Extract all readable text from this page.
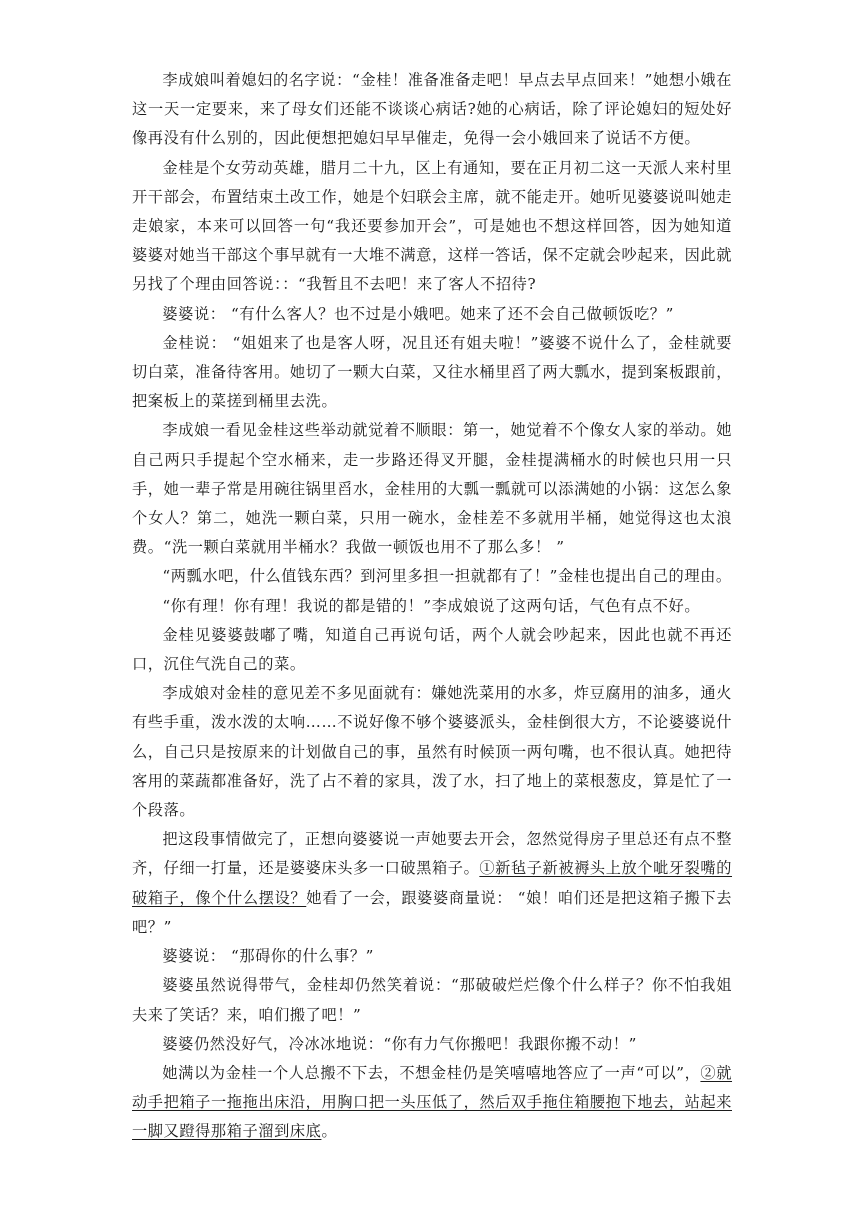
李成娘叫着媳妇的名字说：“金桂！准备准备走吧！早点去早点回来！”她想小娥在这一天一定要来，来了母女们还能不谈谈心病话?她的心病话，除了评论媳妇的短处好像再没有什么别的，因此便想把媳妇早早催走，免得一会小娥回来了说话不方便。

金桂是个女劳动英雄，腊月二十九，区上有通知，要在正月初二这一天派人来村里开干部会，布置结束土改工作，她是个妇联会主席，就不能走开。她听见婆婆说叫她走走娘家，本来可以回答一句“我还要参加开会”，可是她也不想这样回答，因为她知道婆婆对她当干部这个事早就有一大堆不满意，这样一答话，保不定就会吵起来，因此就另找了个理由回答说：：“我暂且不去吧！来了客人不招待?

婆婆说： “有什么客人？也不过是小娥吧。她来了还不会自己做顿饭吃？”

金桂说： “姐姐来了也是客人呀，况且还有姐夫啦！”婆婆不说什么了，金桂就要切白菜，准备待客用。她切了一颗大白菜，又往水桶里舀了两大瓢水，提到案板跟前，把案板上的菜搓到桶里去洗。

李成娘一看见金桂这些举动就觉着不顺眼：第一，她觉着不个像女人家的举动。她自己两只手提起个空水桶来，走一步路还得叉开腿，金桂提满桶水的时候也只用一只手，她一辈子常是用碗往锅里舀水，金桂用的大瓢一瓢就可以添满她的小锅：这怎么象个女人？第二，她洗一颗白菜，只用一碗水，金桂差不多就用半桶，她觉得这也太浪费。“洗一颗白菜就用半桶水？我做一顿饭也用不了那么多！ ”

“两瓢水吧，什么值钱东西？到河里多担一担就都有了！”金桂也提出自己的理由。

“你有理！你有理！我说的都是错的！”李成娘说了这两句话，气色有点不好。

金桂见婆婆鼓嘟了嘴，知道自己再说句话，两个人就会吵起来，因此也就不再还口，沉住气洗自己的菜。

李成娘对金桂的意见差不多见面就有：嫌她洗菜用的水多，炸豆腐用的油多，通火有些手重，泼水泼的太响……不说好像不够个婆婆派头，金桂倒很大方，不论婆婆说什么，自己只是按原来的计划做自己的事，虽然有时候顶一两句嘴，也不很认真。她把待客用的菜蔬都准备好，洗了占不着的家具，泼了水，扫了地上的菜根葱皮，算是忙了一个段落。

把这段事情做完了，正想向婆婆说一声她要去开会，忽然觉得房子里总还有点不整齐，仔细一打量，还是婆婆床头多一口破黑箱子。①新毡子新被褥头上放个呲牙裂嘴的破箱子，像个什么摆设？她看了一会，跟婆婆商量说： “娘！咱们还是把这箱子搬下去吧？”

婆婆说： “那碍你的什么事？”

婆婆虽然说得带气，金桂却仍然笑着说：“那破破烂烂像个什么样子？你不怕我姐夫来了笑话？来，咱们搬了吧！”

婆婆仍然没好气，冷冰冰地说：“你有力气你搬吧！我跟你搬不动！”

她满以为金桂一个人总搬不下去，不想金桂仍是笑嘻嘻地答应了一声“可以”，②就动手把箱子一拖拖出床沿，用胸口把一头压低了，然后双手拖住箱腰抱下地去，站起来一脚又蹬得那箱子溜到床底。
